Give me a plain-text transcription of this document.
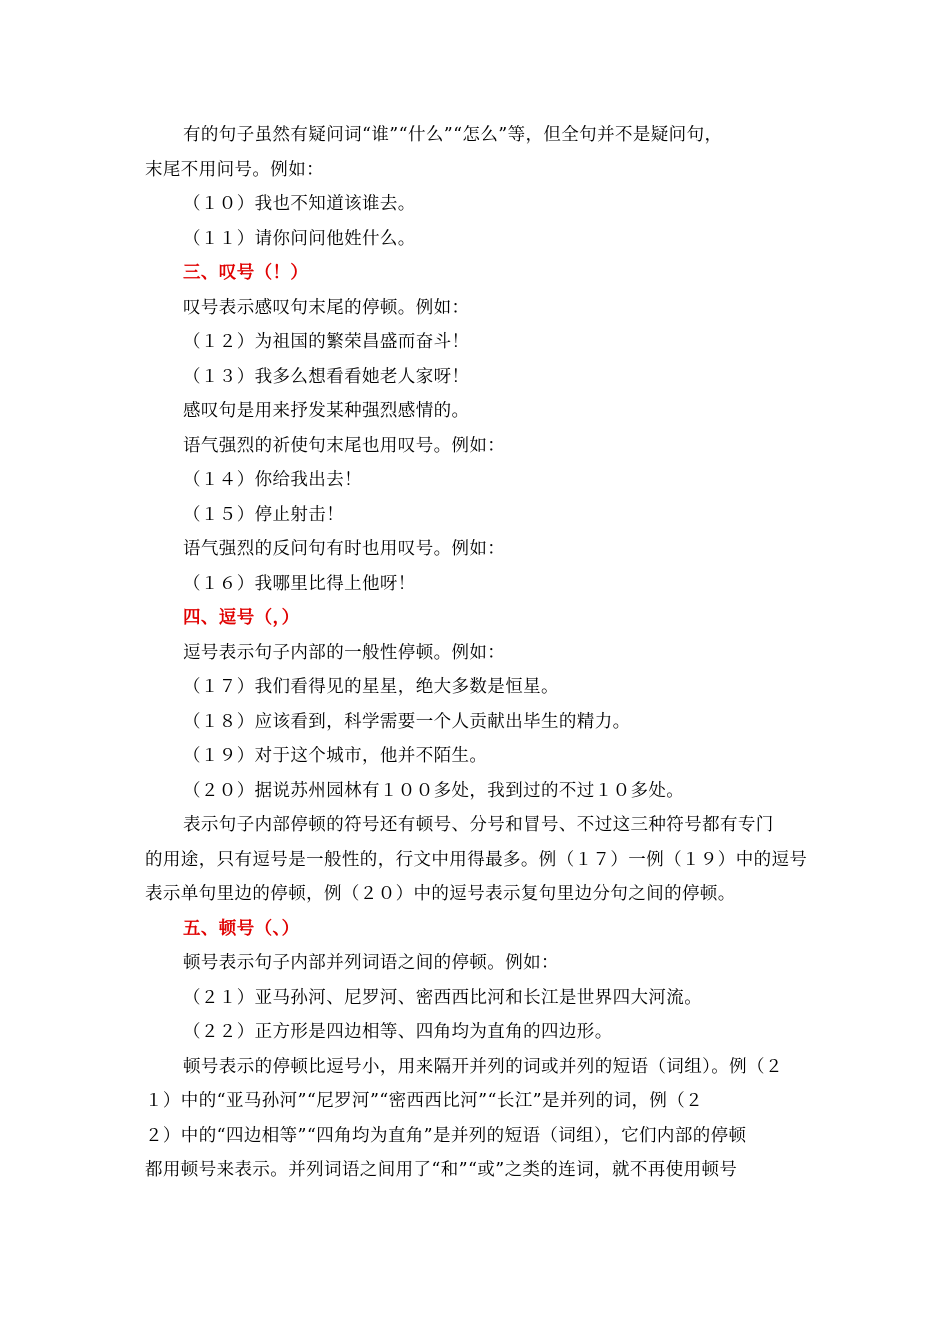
有的句子虽然有疑问词“谁”“什么”“怎么”等，但全句并不是疑问句，
末尾不用问号。例如：
（１０）我也不知道该谁去。
（１１）请你问问他姓什么。
三、叹号（！）
叹号表示感叹句末尾的停顿。例如：
（１２）为祖国的繁荣昌盛而奋斗！
（１３）我多么想看看她老人家呀！
感叹句是用来抒发某种强烈感情的。
语气强烈的祈使句末尾也用叹号。例如：
（１４）你给我出去！
（１５）停止射击！
语气强烈的反问句有时也用叹号。例如：
（１６）我哪里比得上他呀！
四、逗号（，）
逗号表示句子内部的一般性停顿。例如：
（１７）我们看得见的星星，绝大多数是恒星。
（１８）应该看到，科学需要一个人贡献出毕生的精力。
（１９）对于这个城市，他并不陌生。
（２０）据说苏州园林有１００多处，我到过的不过１０多处。
表示句子内部停顿的符号还有顿号、分号和冒号、不过这三种符号都有专门
的用途，只有逗号是一般性的，行文中用得最多。例（１７）一例（１９）中的逗号
表示单句里边的停顿，例（２０）中的逗号表示复句里边分句之间的停顿。
五、顿号（、）
顿号表示句子内部并列词语之间的停顿。例如：
（２１）亚马孙河、尼罗河、密西西比河和长江是世界四大河流。
（２２）正方形是四边相等、四角均为直角的四边形。
顿号表示的停顿比逗号小，用来隔开并列的词或并列的短语（词组）。例（２
１）中的“亚马孙河”“尼罗河”“密西西比河”“长江”是并列的词，例（２
２）中的“四边相等”“四角均为直角”是并列的短语（词组），它们内部的停顿
都用顿号来表示。并列词语之间用了“和”“或”之类的连词，就不再使用顿号
